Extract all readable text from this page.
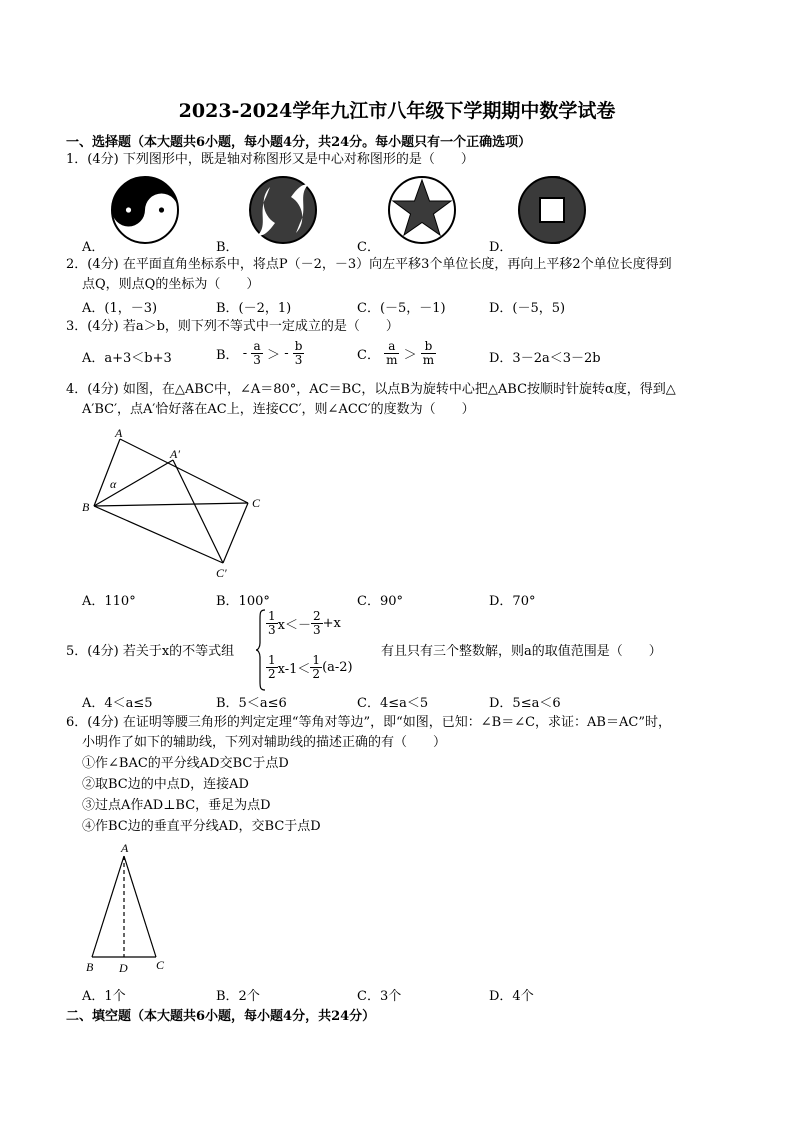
2023-2024学年九江市八年级下学期期中数学试卷
一、选择题（本大题共6小题，每小题4分，共24分。每小题只有一个正确选项）
1．(4分) 下列图形中，既是轴对称图形又是中心对称图形的是（　　）
A．	B．	C．	D．
2．(4分) 在平面直角坐标系中，将点P（－2，－3）向左平移3个单位长度，再向上平移2个单位长度得到
点Q，则点Q的坐标为（　　）
A．(1，－3)	B．(－2，1)	C．(－5，－1)	D．(－5，5)
3．(4分) 若a＞b，则下列不等式中一定成立的是（　　）
A．a+3＜b+3	B． - $\frac{a}{3}$ ＞ - $\frac{b}{3}$	C． $\frac{a}{m} > \frac{b}{m}$	D．3－2a＜3－2b
4．(4分) 如图，在△ABC中，∠A＝80°，AC＝BC，以点B为旋转中心把△ABC按顺时针旋转α度，得到△
A′BC′，点A′恰好落在AC上，连接CC′，则∠ACC′的度数为（　　）
A
A′
B	C
C′
α
A．110°	B．100°	C．90°	D．70°
5．(4分) 若关于x的不等式组
$\frac{1}{3} x<- \frac{2}{3} +x$
$\frac{1}{2} x-1< \frac{1}{2} (a-2)$
有且只有三个整数解，则a的取值范围是（　　）
A．4＜a≤5	B．5＜a≤6	C．4≤a＜5	D．5≤a＜6
6．(4分) 在证明等腰三角形的判定定理“等角对等边”，即“如图，已知：∠B＝∠C，求证：AB＝AC”时，
小明作了如下的辅助线，下列对辅助线的描述正确的有（　　）
①作∠BAC的平分线AD交BC于点D
②取BC边的中点D，连接AD
③过点A作AD⊥BC，垂足为点D
④作BC边的垂直平分线AD，交BC于点D
A
B	C
D
A．1个	B．2个	C．3个	D．4个
二、填空题（本大题共6小题，每小题4分，共24分）
